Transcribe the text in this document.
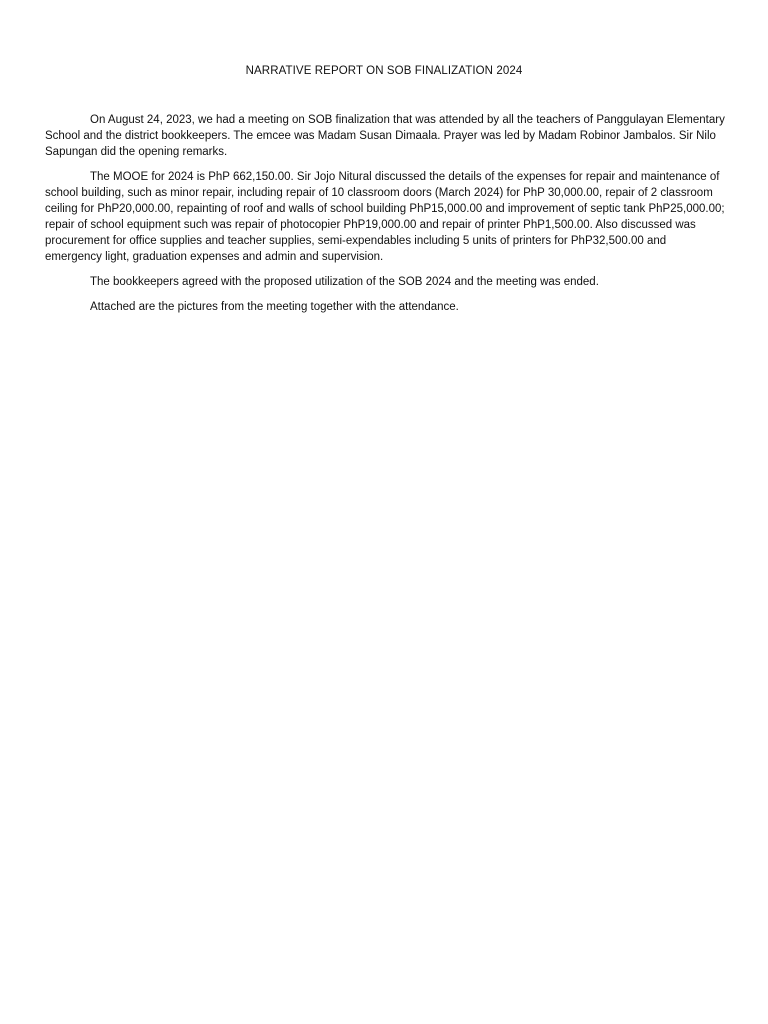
NARRATIVE REPORT ON SOB FINALIZATION 2024

On August 24, 2023, we had a meeting on SOB finalization that was attended by all the teachers of Panggulayan Elementary School and the district bookkeepers. The emcee was Madam Susan Dimaala. Prayer was led by Madam Robinor Jambalos. Sir Nilo Sapungan did the opening remarks.

The MOOE for 2024 is PhP 662,150.00. Sir Jojo Nitural discussed the details of the expenses for repair and maintenance of school building, such as minor repair, including repair of 10 classroom doors (March 2024) for PhP 30,000.00, repair of 2 classroom ceiling for PhP20,000.00, repainting of roof and walls of school building PhP15,000.00 and improvement of septic tank PhP25,000.00; repair of school equipment such was repair of photocopier PhP19,000.00 and repair of printer PhP1,500.00. Also discussed was procurement for office supplies and teacher supplies, semi-expendables including 5 units of printers for PhP32,500.00 and emergency light, graduation expenses and admin and supervision.

The bookkeepers agreed with the proposed utilization of the SOB 2024 and the meeting was ended.

Attached are the pictures from the meeting together with the attendance.
